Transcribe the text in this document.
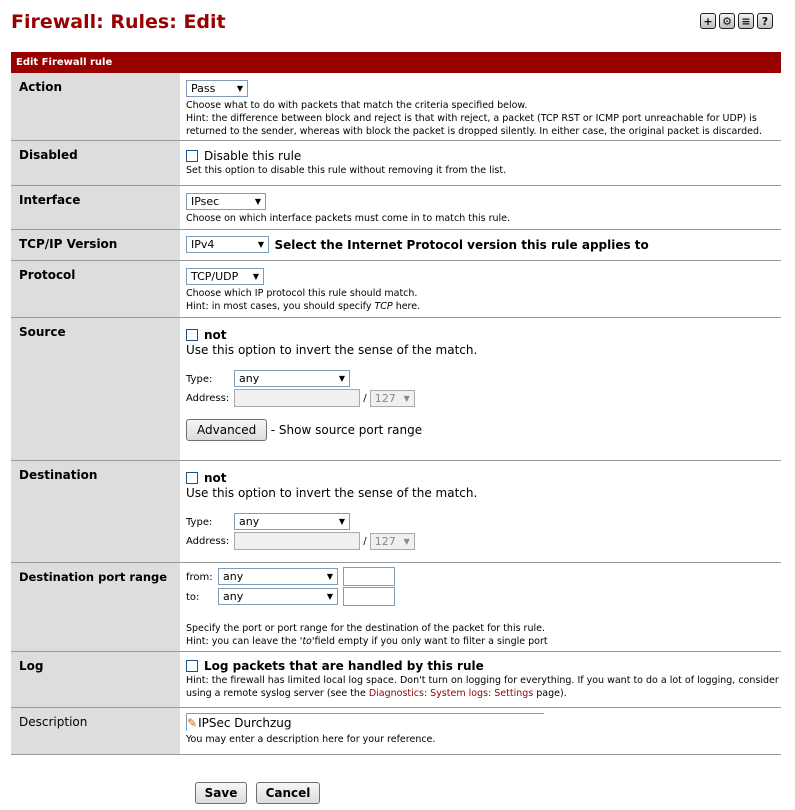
Firewall: Rules: Edit	+ ⚙ ≡	?
Edit Firewall rule
Action	Pass	▼
Choose what to do with packets that match the criteria specified below.
Hint: the difference between block and reject is that with reject, a packet (TCP RST or ICMP port unreachable for UDP) is returned to the sender, whereas with block the packet is dropped silently. In either case, the original packet is discarded.
Disabled	Disable this rule
Set this option to disable this rule without removing it from the list.
Interface	IPsec	▼
Choose on which interface packets must come in to match this rule.
TCP/IP Version	IPv4	▼ Select the Internet Protocol version this rule applies to
Protocol	TCP/UDP ▼
Choose which IP protocol this rule should match.
Hint: in most cases, you should specify TCP here.
Source	not
Use this option to invert the sense of the match.
Type: any	▼
Address:	/ 127 ▼
Advanced - Show source port range
Destination	not
Use this option to invert the sense of the match.
Type: any	▼
Address:	/ 127 ▼
Destination port range	from: any	▼

to: any	▼

Specify the port or port range for the destination of the packet for this rule.
Hint: you can leave the 'to'field empty if you only want to filter a single port
Log	Log packets that are handled by this rule
Hint: the firewall has limited local log space. Don't turn on logging for everything. If you want to do a lot of logging, consider using a remote syslog server (see the Diagnostics: System logs: Settings page).
Description	✎ IPSec Durchzug
You may enter a description here for your reference.
Save	Cancel
